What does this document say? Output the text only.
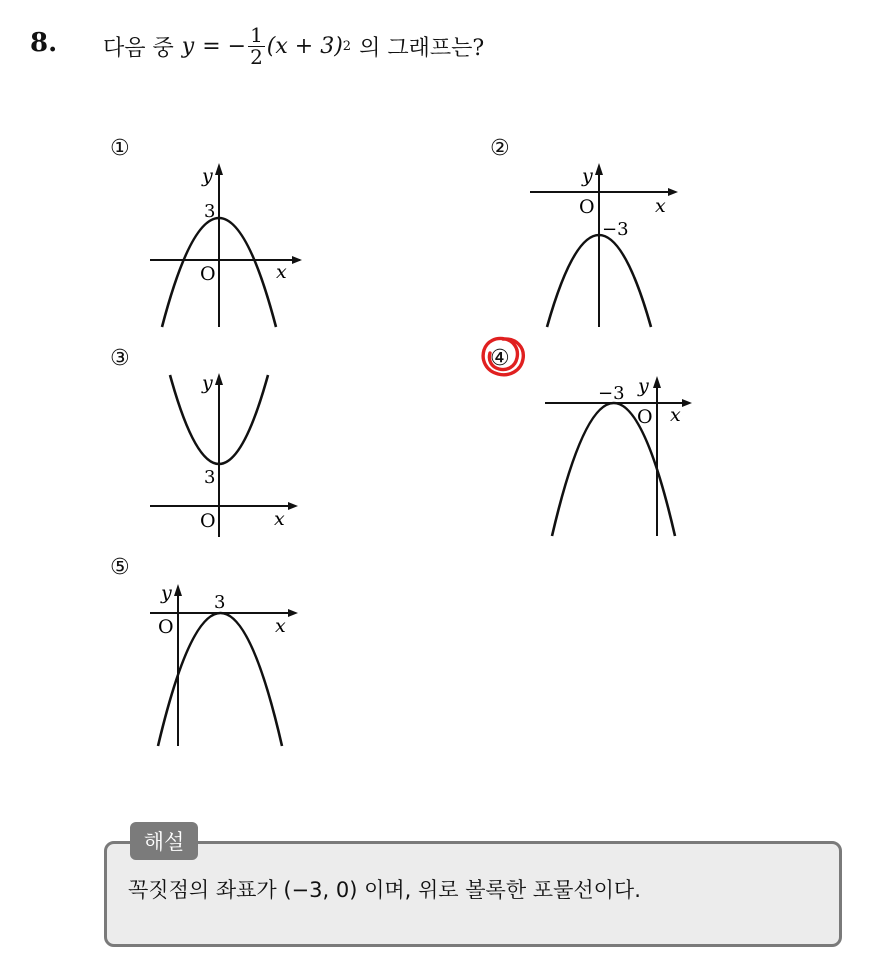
8. 다음 중 y = − $\frac{1}{2} (x + 3)$ 2 의 그래프는?
①
y
x
O
3
②
y
x
O
−3
③
y
x
O
3
④
y
x
O
−3
⑤
y
x
O
3
해설
꼭짓점의 좌표가 (−3, 0) 이며, 위로 볼록한 포물선이다.
